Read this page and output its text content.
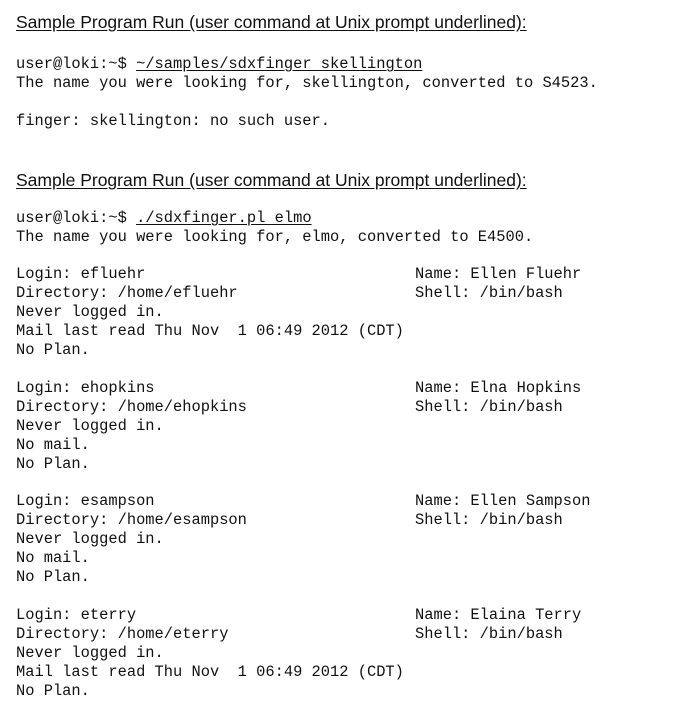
Sample Program Run (user command at Unix prompt underlined):
user@loki:~$ ~/samples/sdxfinger skellington
The name you were looking for, skellington, converted to S4523.
finger: skellington: no such user.
Sample Program Run (user command at Unix prompt underlined):
user@loki:~$ ./sdxfinger.pl elmo
The name you were looking for, elmo, converted to E4500.
Login: efluehr	Name: Ellen Fluehr
Directory: /home/efluehr	Shell: /bin/bash
Never logged in.
Mail last read Thu Nov  1 06:49 2012 (CDT)
No Plan.
Login: ehopkins	Name: Elna Hopkins
Directory: /home/ehopkins	Shell: /bin/bash
Never logged in.
No mail.
No Plan.
Login: esampson	Name: Ellen Sampson
Directory: /home/esampson	Shell: /bin/bash
Never logged in.
No mail.
No Plan.
Login: eterry	Name: Elaina Terry
Directory: /home/eterry	Shell: /bin/bash
Never logged in.
Mail last read Thu Nov  1 06:49 2012 (CDT)
No Plan.
